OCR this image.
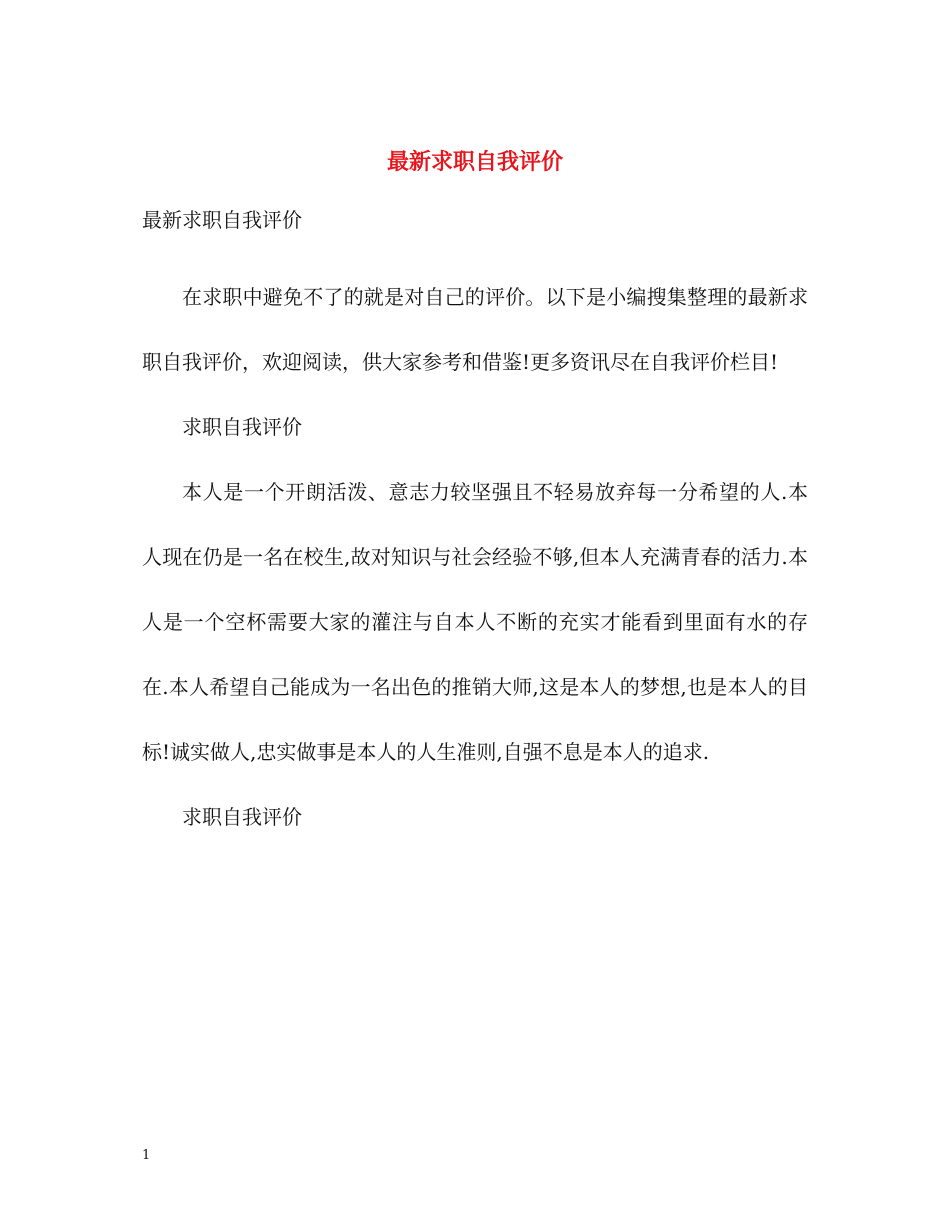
最新求职自我评价

最新求职自我评价

在求职中避免不了的就是对自己的评价。以下是小编搜集整理的最新求职自我评价，欢迎阅读，供大家参考和借鉴!更多资讯尽在自我评价栏目!

求职自我评价

本人是一个开朗活泼、意志力较坚强且不轻易放弃每一分希望的人.本人现在仍是一名在校生,故对知识与社会经验不够,但本人充满青春的活力.本人是一个空杯需要大家的灌注与自本人不断的充实才能看到里面有水的存在.本人希望自己能成为一名出色的推销大师,这是本人的梦想,也是本人的目标!诚实做人,忠实做事是本人的人生准则,自强不息是本人的追求.

求职自我评价

1
